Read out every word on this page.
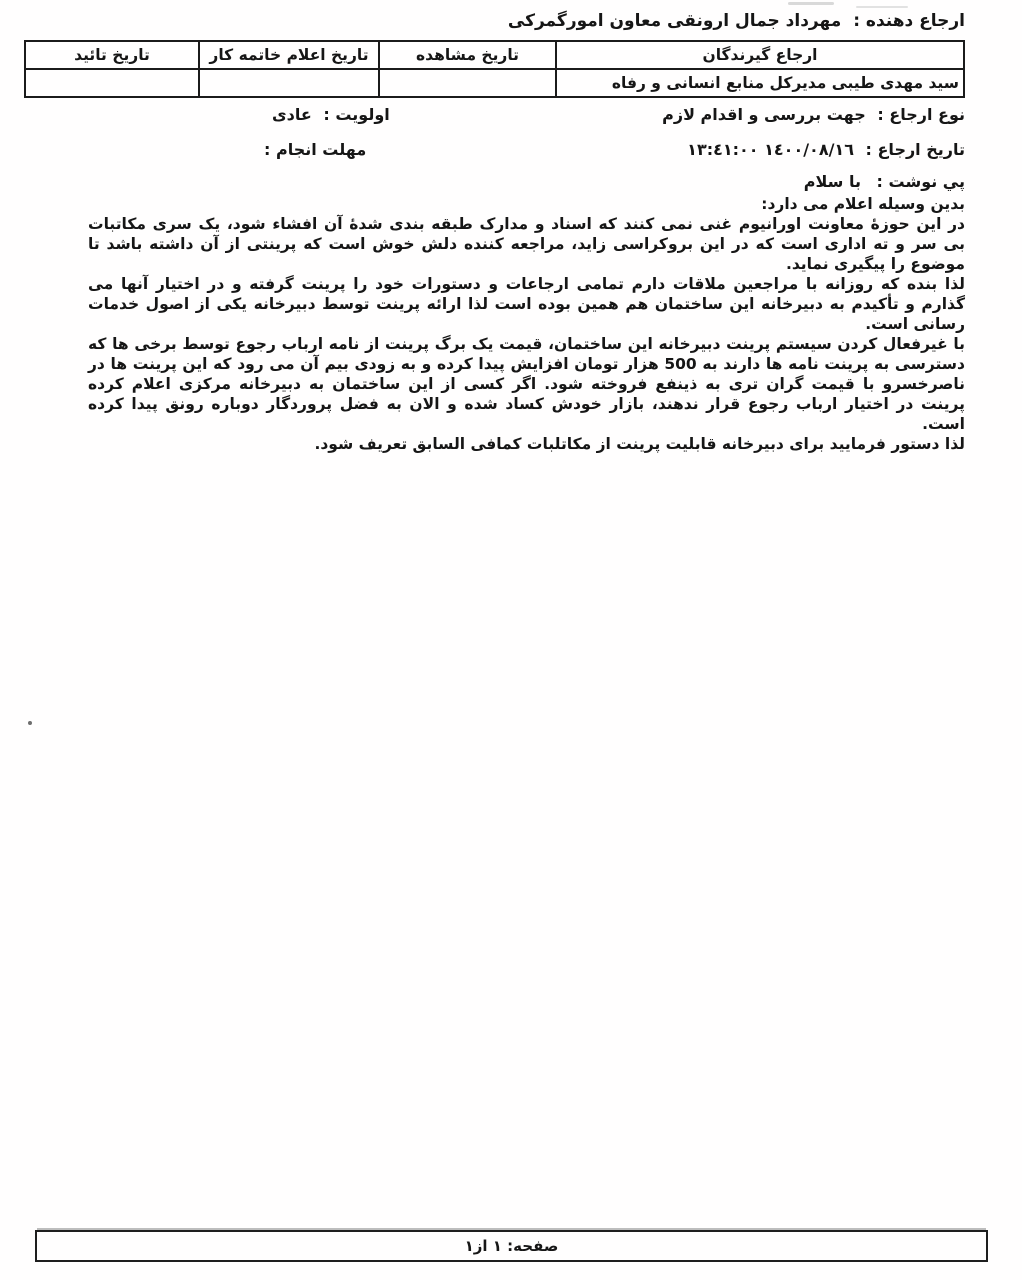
ارجاع دهنده : مهرداد جمال ارونقی معاون امورگمرکی
ارجاع گیرندگان	تاریخ مشاهده	تاریخ اعلام خاتمه کار	تاریخ تائید
سید مهدی طیبی مدیرکل منابع انسانی و رفاه			
نوع ارجاع : جهت بررسی و اقدام لازم
اولویت : عادی
تاریخ ارجاع : ١٤٠٠/٠٨/١٦ ١٣:٤١:٠٠
مهلت انجام :
پي نوشت : با سلام

بدین وسیله اعلام می دارد:

در این حوزۀ معاونت اورانیوم غنی نمی کنند که اسناد و مدارک طبقه بندی شدۀ آن افشاء شود، یک سری مکاتبات بی سر و ته اداری است که در این بروکراسی زاید، مراجعه کننده دلش خوش است که پرینتی از آن داشته باشد تا موضوع را پیگیری نماید.

لذا بنده که روزانه با مراجعین ملاقات دارم تمامی ارجاعات و دستورات خود را پرینت گرفته و در اختیار آنها می گذارم و تأکیدم به دبیرخانه این ساختمان هم همین بوده است لذا ارائه پرینت توسط دبیرخانه یکی از اصول خدمات رسانی است.

با غیرفعال کردن سیستم پرینت دبیرخانه این ساختمان، قیمت یک برگ پرینت از نامه ارباب رجوع توسط برخی ها که دسترسی به پرینت نامه ها دارند به 500 هزار تومان افزایش پیدا کرده و به زودی بیم آن می رود که این پرینت ها در ناصرخسرو با قیمت گران تری به ذینفع فروخته شود. اگر کسی از این ساختمان به دبیرخانه مرکزی اعلام کرده پرینت در اختیار ارباب رجوع قرار ندهند، بازار خودش کساد شده و الان به فضل پروردگار دوباره رونق پیدا کرده است.

لذا دستور فرمایید برای دبیرخانه قابلیت پرینت از مکاتلبات کمافی السابق تعریف شود.

صفحه: ١ از١
